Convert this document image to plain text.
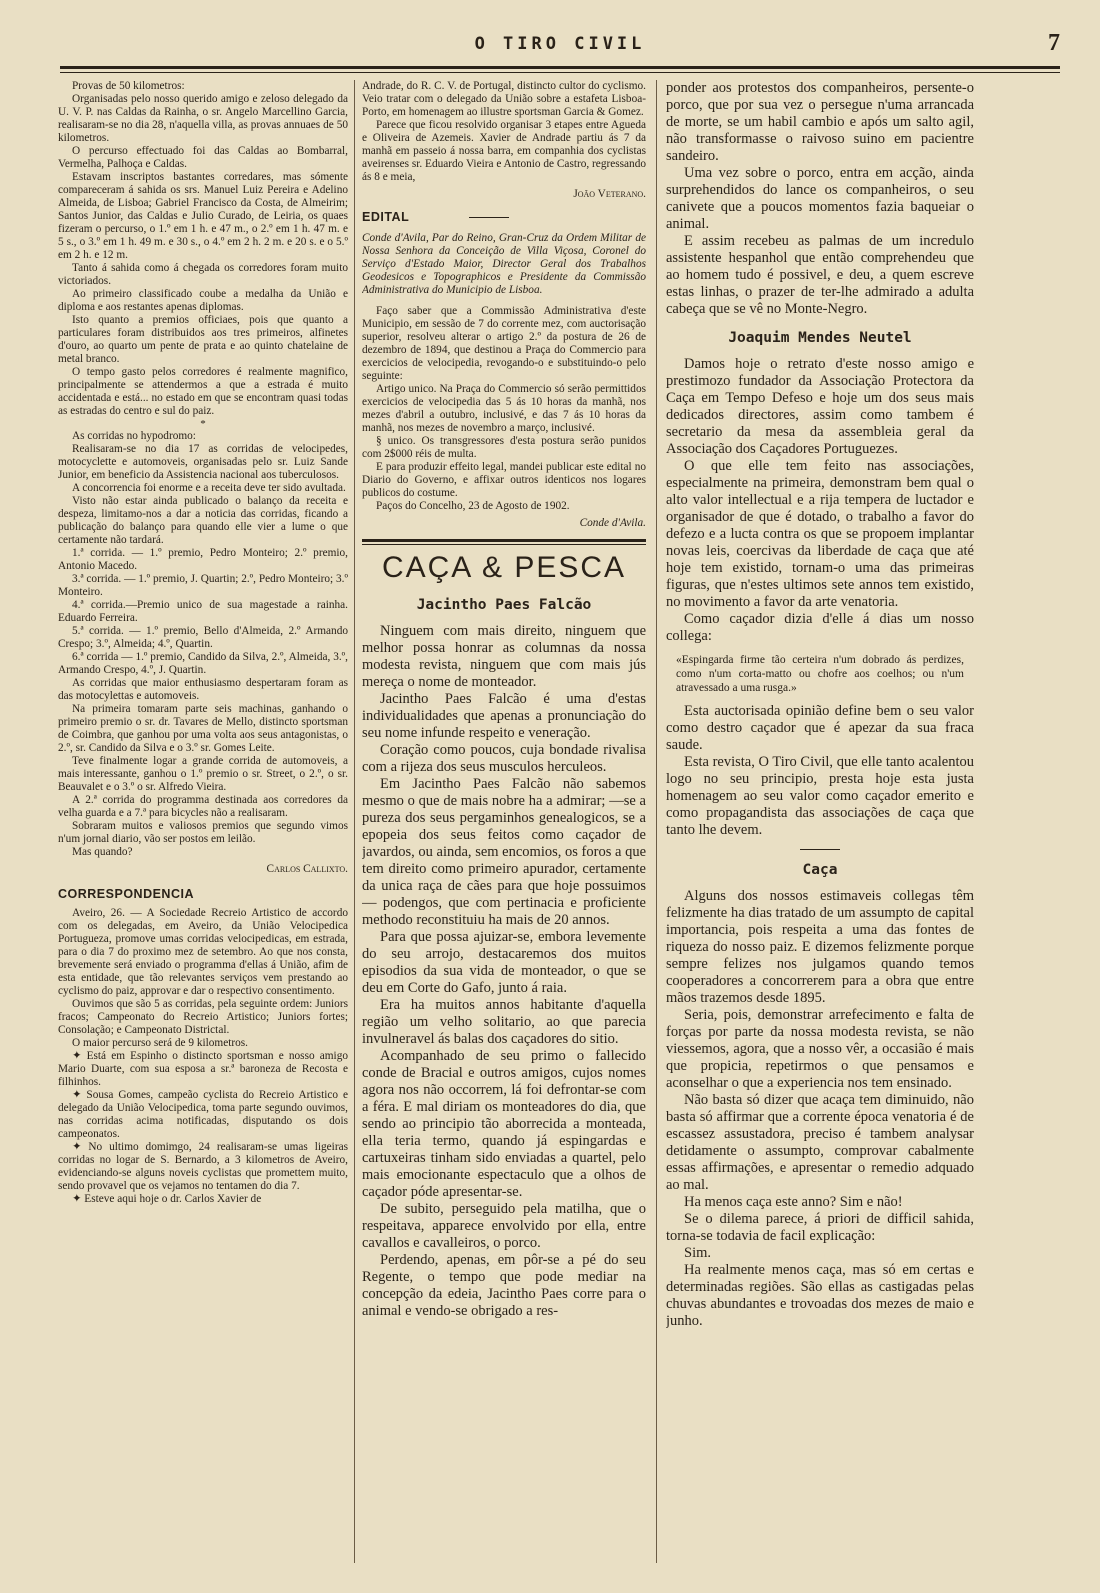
O TIRO CIVIL	7

Provas de 50 kilometros:

Organisadas pelo nosso querido amigo e zeloso delegado da U. V. P. nas Caldas da Rainha, o sr. Angelo Marcellino Garcia, realisaram-se no dia 28, n'aquella villa, as provas annuaes de 50 kilometros.

O percurso effectuado foi das Caldas ao Bombarral, Vermelha, Palhoça e Caldas.

Estavam inscriptos bastantes corredares, mas sómente compareceram á sahida os srs. Manuel Luiz Pereira e Adelino Almeida, de Lisboa; Gabriel Francisco da Costa, de Almeirim; Santos Junior, das Caldas e Julio Curado, de Leiria, os quaes fizeram o percurso, o 1.º em 1 h. e 47 m., o 2.º em 1 h. 47 m. e 5 s., o 3.º em 1 h. 49 m. e 30 s., o 4.º em 2 h. 2 m. e 20 s. e o 5.º em 2 h. e 12 m.

Tanto á sahida como á chegada os corredores foram muito victoriados.

Ao primeiro classificado coube a medalha da União e diploma e aos restantes apenas diplomas.

Isto quanto a premios officiaes, pois que quanto a particulares foram distribuidos aos tres primeiros, alfinetes d'ouro, ao quarto um pente de prata e ao quinto chatelaine de metal branco.

O tempo gasto pelos corredores é realmente magnifico, principalmente se attendermos a que a estrada é muito accidentada e está... no estado em que se encontram quasi todas as estradas do centro e sul do paiz.

*

As corridas no hypodromo:

Realisaram-se no dia 17 as corridas de velocipedes, motocyclette e automoveis, organisadas pelo sr. Luiz Sande Junior, em beneficio da Assistencia nacional aos tuberculosos.

A concorrencia foi enorme e a receita deve ter sido avultada.

Visto não estar ainda publicado o balanço da receita e despeza, limitamo-nos a dar a noticia das corridas, ficando a publicação do balanço para quando elle vier a lume o que certamente não tardará.

1.ª corrida. — 1.º premio, Pedro Monteiro; 2.º premio, Antonio Macedo.

3.ª corrida. — 1.º premio, J. Quartin; 2.º, Pedro Monteiro; 3.º Monteiro.

4.ª corrida.—Premio unico de sua magestade a rainha. Eduardo Ferreira.

5.ª corrida. — 1.º premio, Bello d'Almeida, 2.º Armando Crespo; 3.º, Almeida; 4.º, Quartin.

6.ª corrida — 1.º premio, Candido da Silva, 2.º, Almeida, 3.º, Armando Crespo, 4.º, J. Quartin.

As corridas que maior enthusiasmo despertaram foram as das motocylettas e automoveis.

Na primeira tomaram parte seis machinas, ganhando o primeiro premio o sr. dr. Tavares de Mello, distincto sportsman de Coimbra, que ganhou por uma volta aos seus antagonistas, o 2.º, sr. Candido da Silva e o 3.º sr. Gomes Leite.

Teve finalmente logar a grande corrida de automoveis, a mais interessante, ganhou o 1.º premio o sr. Street, o 2.º, o sr. Beauvalet e o 3.º o sr. Alfredo Vieira.

A 2.ª corrida do programma destinada aos corredores da velha guarda e a 7.ª para bicycles não a realisaram.

Sobraram muitos e valiosos premios que segundo vimos n'um jornal diario, vão ser postos em leilão.

Mas quando?

Carlos Callixto.
CORRESPONDENCIA

Aveiro, 26. — A Sociedade Recreio Artistico de accordo com os delegadas, em Aveiro, da União Velocipedica Portugueza, promove umas corridas velocipedicas, em estrada, para o dia 7 do proximo mez de setembro. Ao que nos consta, brevemente será enviado o programma d'ellas á União, afim de esta entidade, que tão relevantes serviços vem prestando ao cyclismo do paiz, approvar e dar o respectivo consentimento.

Ouvimos que são 5 as corridas, pela seguinte ordem: Juniors fracos; Campeonato do Recreio Artistico; Juniors fortes; Consolação; e Campeonato Districtal.

O maior percurso será de 9 kilometros.

✦ Está em Espinho o distincto sportsman e nosso amigo Mario Duarte, com sua esposa a sr.ª baroneza de Recosta e filhinhos.

✦ Sousa Gomes, campeão cyclista do Recreio Artistico e delegado da União Velocipedica, toma parte segundo ouvimos, nas corridas acima notificadas, disputando os dois campeonatos.

✦ No ultimo domimgo, 24 realisaram-se umas ligeiras corridas no logar de S. Bernardo, a 3 kilometros de Aveiro, evidenciando-se alguns noveis cyclistas que promettem muito, sendo provavel que os vejamos no tentamen do dia 7.

✦ Esteve aqui hoje o dr. Carlos Xavier de

Andrade, do R. C. V. de Portugal, distincto cultor do cyclismo. Veio tratar com o delegado da União sobre a estafeta Lisboa-Porto, em homenagem ao illustre sportsman Garcia & Gomez.

Parece que ficou resolvido organisar 3 etapes entre Agueda e Oliveira de Azemeis. Xavier de Andrade partiu ás 7 da manhã em passeio á nossa barra, em companhia dos cyclistas aveirenses sr. Eduardo Vieira e Antonio de Castro, regressando ás 8 e meia,

João Veterano.
EDITAL

Conde d'Avila, Par do Reino, Gran-Cruz da Ordem Militar de Nossa Senhora da Conceição de Villa Viçosa, Coronel do Serviço d'Estado Maior, Director Geral dos Trabalhos Geodesicos e Topographicos e Presidente da Commissão Administrativa do Municipio de Lisboa.

Faço saber que a Commissão Administrativa d'este Municipio, em sessão de 7 do corrente mez, com auctorisação superior, resolveu alterar o artigo 2.º da postura de 26 de dezembro de 1894, que destinou a Praça do Commercio para exercicios de velocipedia, revogando-o e substituindo-o pelo seguinte:

Artigo unico. Na Praça do Commercio só serão permittidos exercicios de velocipedia das 5 ás 10 horas da manhã, nos mezes d'abril a outubro, inclusivé, e das 7 ás 10 horas da manhã, nos mezes de novembro a março, inclusivé.

§ unico. Os transgressores d'esta postura serão punidos com 2$000 réis de multa.

E para produzir effeito legal, mandei publicar este edital no Diario do Governo, e affixar outros identicos nos logares publicos do costume.

Paços do Concelho, 23 de Agosto de 1902.

Conde d'Avila.
CAÇA & PESCA
Jacintho Paes Falcão

Ninguem com mais direito, ninguem que melhor possa honrar as columnas da nossa modesta revista, ninguem que com mais jús mereça o nome de monteador.

Jacintho Paes Falcão é uma d'estas individualidades que apenas a pronunciação do seu nome infunde respeito e veneração.

Coração como poucos, cuja bondade rivalisa com a rijeza dos seus musculos herculeos.

Em Jacintho Paes Falcão não sabemos mesmo o que de mais nobre ha a admirar; —se a pureza dos seus pergaminhos genealogicos, se a epopeia dos seus feitos como caçador de javardos, ou ainda, sem encomios, os foros a que tem direito como primeiro apurador, certamente da unica raça de cães para que hoje possuimos — podengos, que com pertinacia e proficiente methodo reconstituiu ha mais de 20 annos.

Para que possa ajuizar-se, embora levemente do seu arrojo, destacaremos dos muitos episodios da sua vida de monteador, o que se deu em Corte do Gafo, junto á raia.

Era ha muitos annos habitante d'aquella região um velho solitario, ao que parecia invulneravel ás balas dos caçadores do sitio.

Acompanhado de seu primo o fallecido conde de Bracial e outros amigos, cujos nomes agora nos não occorrem, lá foi defrontar-se com a féra. E mal diriam os monteadores do dia, que sendo ao principio tão aborrecida a monteada, ella teria termo, quando já espingardas e cartuxeiras tinham sido enviadas a quartel, pelo mais emocionante espectaculo que a olhos de caçador póde apresentar-se.

De subito, perseguido pela matilha, que o respeitava, apparece envolvido por ella, entre cavallos e cavalleiros, o porco.

Perdendo, apenas, em pôr-se a pé do seu Regente, o tempo que pode mediar na concepção da edeia, Jacintho Paes corre para o animal e vendo-se obrigado a res-

ponder aos protestos dos companheiros, persente-o porco, que por sua vez o persegue n'uma arrancada de morte, se um habil cambio e após um salto agil, não transformasse o raivoso suino em pacientre sandeiro.

Uma vez sobre o porco, entra em acção, ainda surprehendidos do lance os companheiros, o seu canivete que a poucos momentos fazia baqueiar o animal.

E assim recebeu as palmas de um incredulo assistente hespanhol que então comprehendeu que ao homem tudo é possivel, e deu, a quem escreve estas linhas, o prazer de ter-lhe admirado a adulta cabeça que se vê no Monte-Negro.

Joaquim Mendes Neutel

Damos hoje o retrato d'este nosso amigo e prestimozo fundador da Associação Protectora da Caça em Tempo Defeso e hoje um dos seus mais dedicados directores, assim como tambem é secretario da mesa da assembleia geral da Associação dos Caçadores Portuguezes.

O que elle tem feito nas associações, especialmente na primeira, demonstram bem qual o alto valor intellectual e a rija tempera de luctador e organisador de que é dotado, o trabalho a favor do defezo e a lucta contra os que se propoem implantar novas leis, coercivas da liberdade de caça que até hoje tem existido, tornam-o uma das primeiras figuras, que n'estes ultimos sete annos tem existido, no movimento a favor da arte venatoria.

Como caçador dizia d'elle á dias um nosso collega:

«Espingarda firme tão certeira n'um dobrado ás perdizes, como n'um corta-matto ou chofre aos coelhos; ou n'um atravessado a uma rusga.»

Esta auctorisada opinião define bem o seu valor como destro caçador que é apezar da sua fraca saude.

Esta revista, O Tiro Civil, que elle tanto acalentou logo no seu principio, presta hoje esta justa homenagem ao seu valor como caçador emerito e como propagandista das associações de caça que tanto lhe devem.

Caça

Alguns dos nossos estimaveis collegas têm felizmente ha dias tratado de um assumpto de capital importancia, pois respeita a uma das fontes de riqueza do nosso paiz. E dizemos felizmente porque sempre felizes nos julgamos quando temos cooperadores a concorrerem para a obra que entre mãos trazemos desde 1895.

Seria, pois, demonstrar arrefecimento e falta de forças por parte da nossa modesta revista, se não viessemos, agora, que a nosso vêr, a occasião é mais que propicia, repetirmos o que pensamos e aconselhar o que a experiencia nos tem ensinado.

Não basta só dizer que acaça tem diminuido, não basta só affirmar que a corrente época venatoria é de escassez assustadora, preciso é tambem analysar detidamente o assumpto, comprovar cabalmente essas affirmações, e apresentar o remedio adquado ao mal.

Ha menos caça este anno? Sim e não!

Se o dilema parece, á priori de difficil sahida, torna-se todavia de facil explicação:

Sim.

Ha realmente menos caça, mas só em certas e determinadas regiões. São ellas as castigadas pelas chuvas abundantes e trovoadas dos mezes de maio e junho.
